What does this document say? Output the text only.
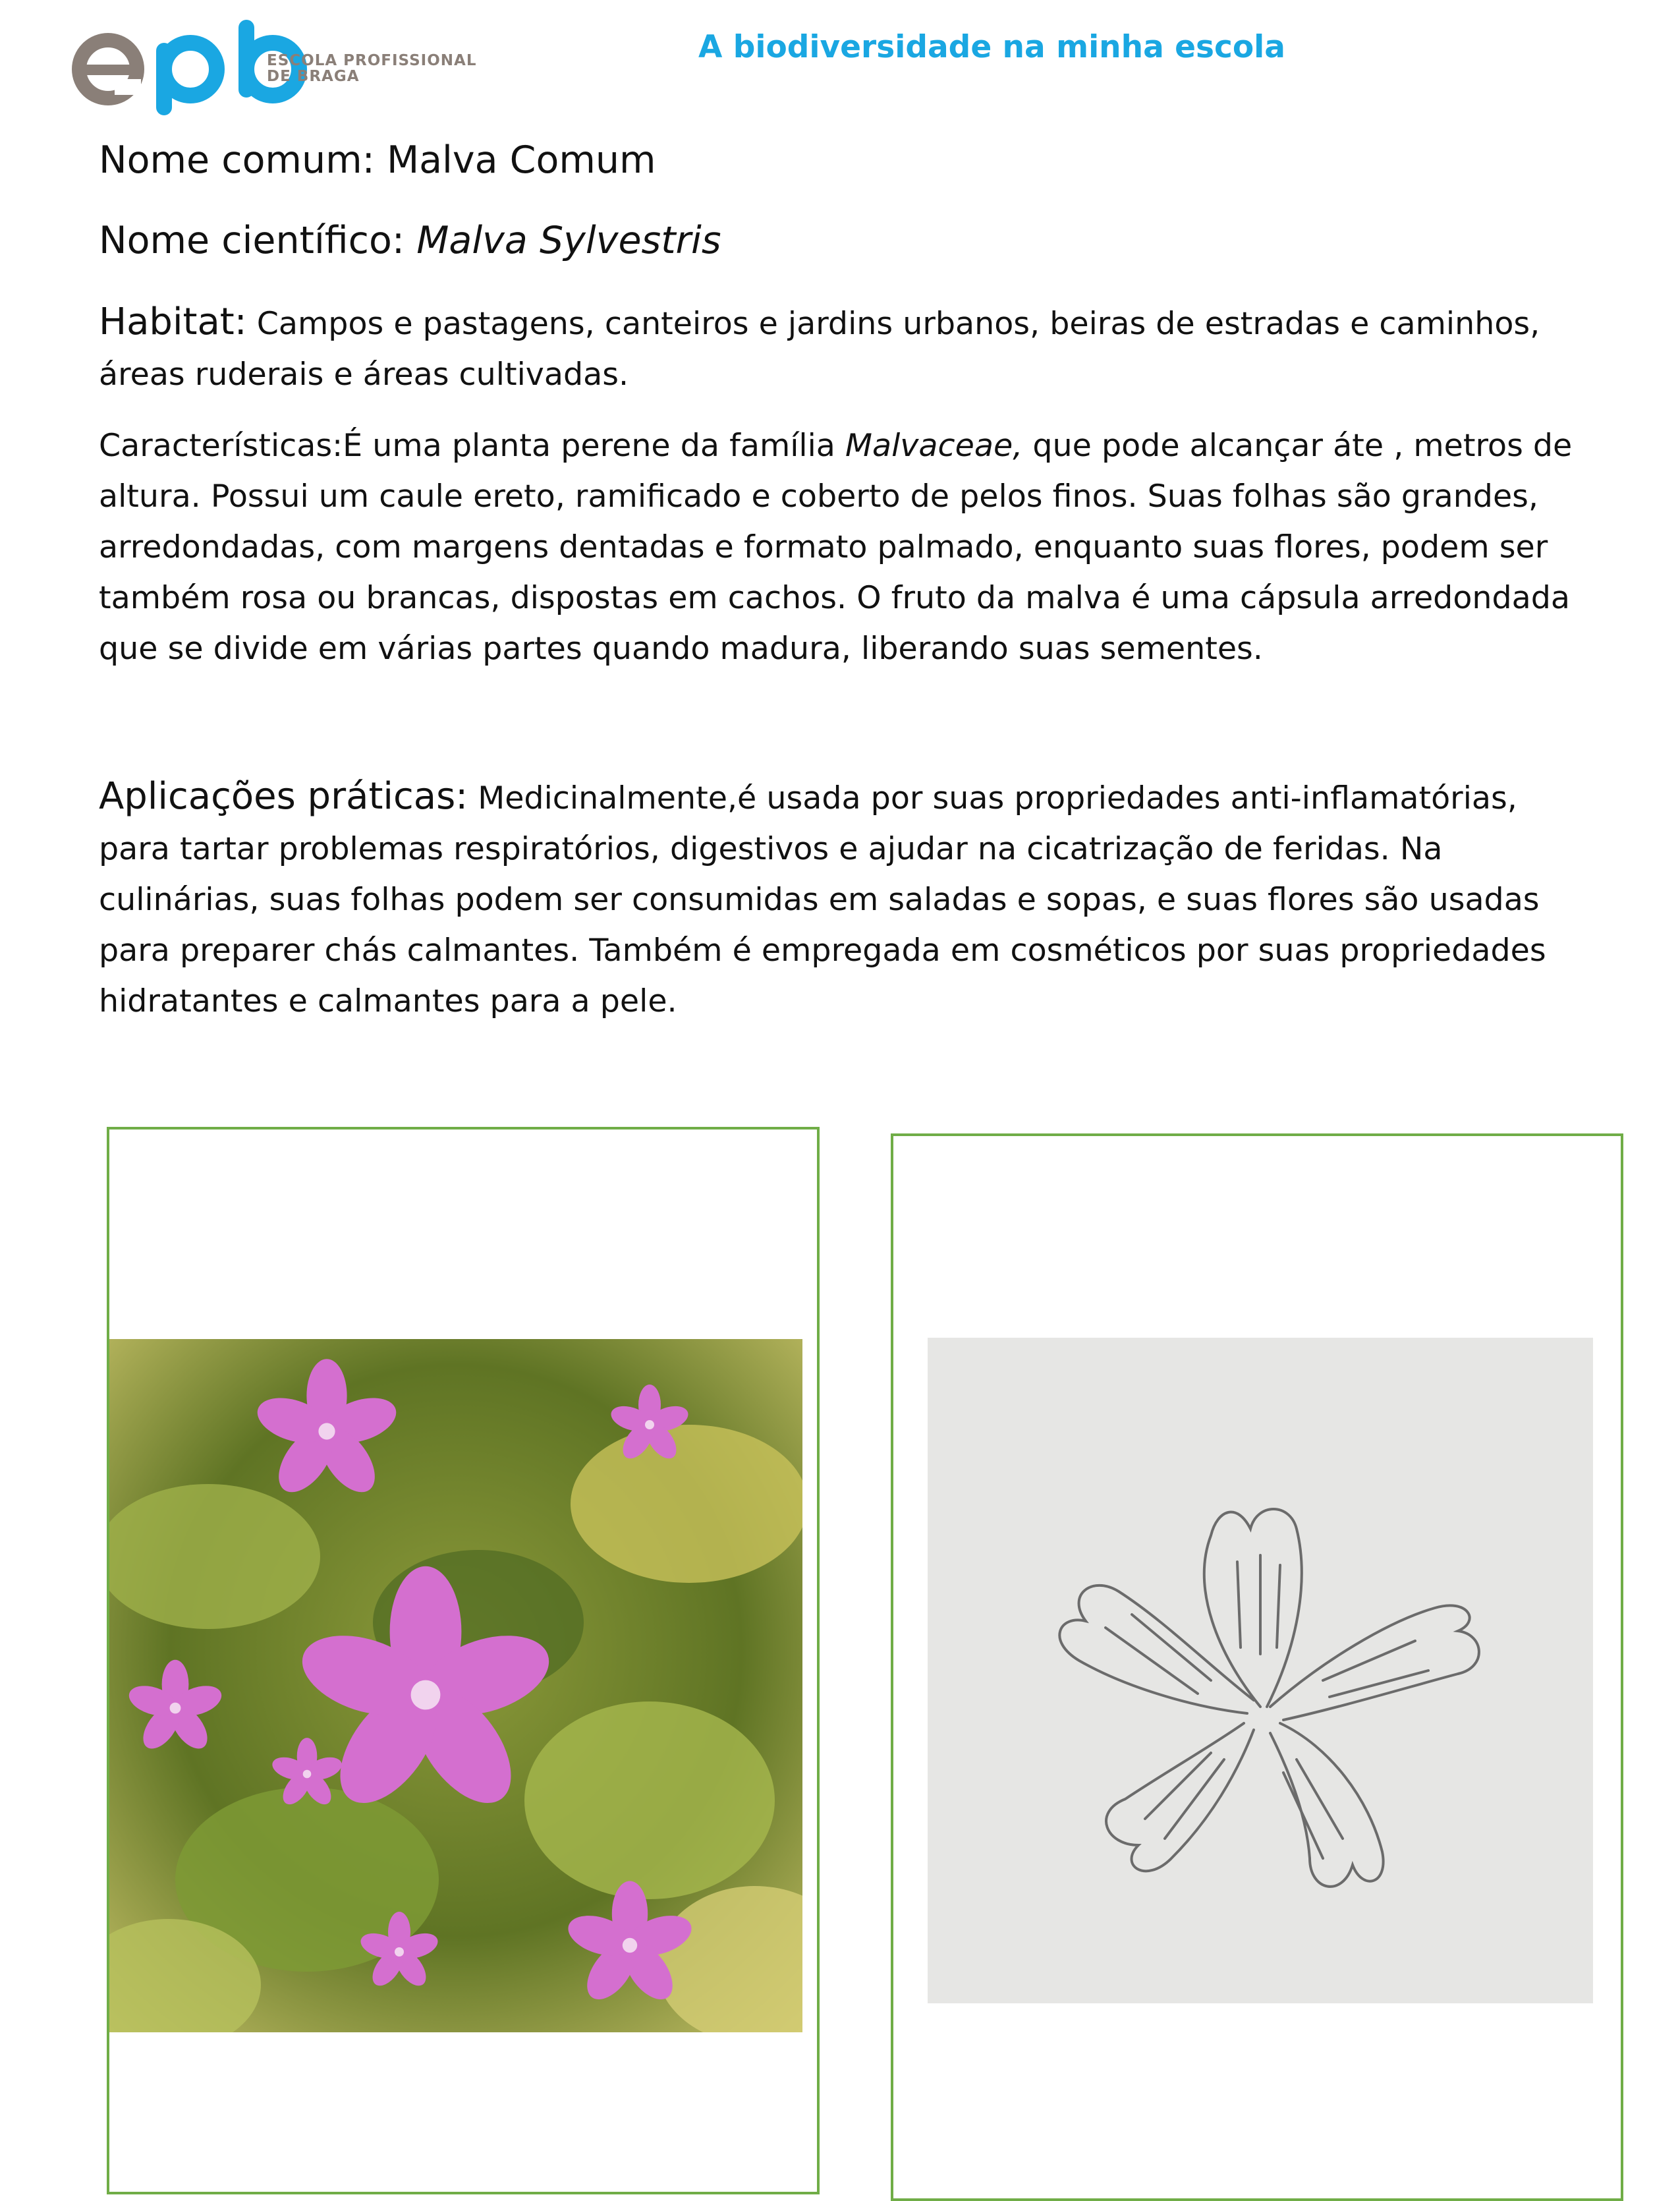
ESCOLA PROFISSIONAL
DE BRAGA
A biodiversidade na minha escola
Nome comum: Malva Comum
Nome científico: Malva Sylvestris
Habitat: Campos e pastagens, canteiros e jardins urbanos, beiras de estradas e caminhos, áreas ruderais e áreas cultivadas.
Características:É uma planta perene da família Malvaceae, que pode alcançar áte , metros de altura. Possui um caule ereto, ramificado e coberto de pelos finos. Suas folhas são grandes, arredondadas, com margens dentadas e formato palmado, enquanto suas flores, podem ser também rosa ou brancas, dispostas em cachos. O fruto da malva é uma cápsula arredondada que se divide em várias partes quando madura, liberando suas sementes.
Aplicações práticas: Medicinalmente,é usada por suas propriedades anti-inflamatórias, para tartar problemas respiratórios, digestivos e ajudar na cicatrização de feridas. Na culinárias, suas folhas podem ser consumidas em saladas e sopas, e suas flores são usadas para preparer chás calmantes. Também é empregada em cosméticos por suas propriedades hidratantes e calmantes para a pele.
